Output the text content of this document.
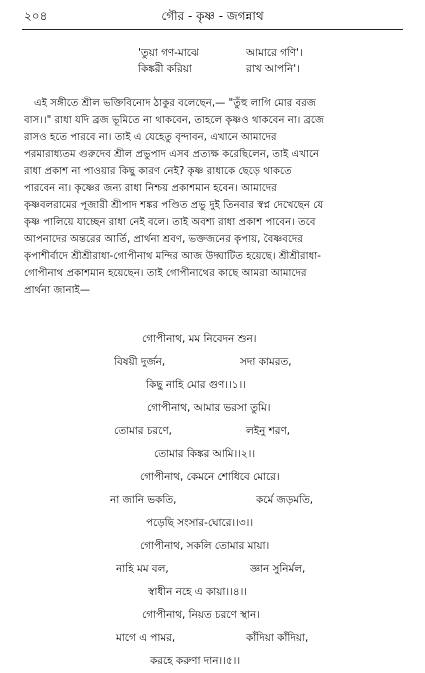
২০৪	গৌর - কৃষ্ণ - জগন্নাথ
'তুয়া গণ-মাঝে	আমারে গণি'।
কিঙ্করী করিয়া	রাখ আপনি'।
এই সঙ্গীতে শ্রীল ভক্তিবিনোদ ঠাকুর বলেছেন,— "তুঁহু লাগি মোর বরজ
বাস।।" রাধা যদি ব্রজ ভূমিতে না থাকবেন, তাহলে কৃষ্ণও থাকবেন না। ব্রজে
রাসও হতে পারবে না। তাই এ যেহেতু বৃন্দাবন, এখানে আমাদের
পরমারাধ্যতম গুরুদেব শ্রীল প্রভুপাদ এসব প্রত্যক্ষ করেছিলেন, তাই এখানে
রাধা প্রকাশ না পাওয়ার কিছু কারণ নেই? কৃষ্ণ রাধাকে ছেড়ে থাকতে
পারবেন না। কৃষ্ণের জন্য রাধা নিশ্চয় প্রকাশমান হবেন। আমাদের
কৃষ্ণবলরামের পূজারী শ্রীপাদ শঙ্কর পণ্ডিত প্রভু দুই তিনবার স্বপ্ন দেখেছেন যে
কৃষ্ণ পালিয়ে যাচ্ছেন রাধা নেই বলে। তাই অবশ্য রাধা প্রকাশ পাবেন। তবে
আপনাদের অন্তরের আর্তি, প্রার্থনা শ্রবণ, ভক্তজনের কৃপায়, বৈষ্ণবদের
কৃপাশীর্বাদে শ্রীশ্রীরাধা-গোপীনাথ মন্দির আজ উদ্ঘাটিত হয়েছে। শ্রীশ্রীরাধা-
গোপীনাথ প্রকাশমান হয়েছেন। তাই গোপীনাথের কাছে আমরা আমাদের
প্রার্থনা জানাই—
গোপীনাথ, মম নিবেদন শুন।
বিষয়ী দুর্জন,	সদা কামরত,
কিছু নাহি মোর গুণ।।১।।
গোপীনাথ, আমার ভরসা তুমি।
তোমার চরণে,	লইনু শরণ,
তোমার কিঙ্কর আমি।।২।।
গোপীনাথ, কেমনে শোধিবে মোরে।
না জানি ভকতি,	কর্মে জড়মতি,
পড়েছি সংসার-ঘোরে।।৩।।
গোপীনাথ, সকলি তোমার মায়া।
নাহি মম বল,	জ্ঞান সুনির্মল,
স্বাধীন নহে এ কায়া।।৪।।
গোপীনাথ, নিয়ত চরণে স্থান।
মাগে এ পামর,	কাঁদিয়া কাঁদিয়া,
করহে করুণা দান।।৫।।
